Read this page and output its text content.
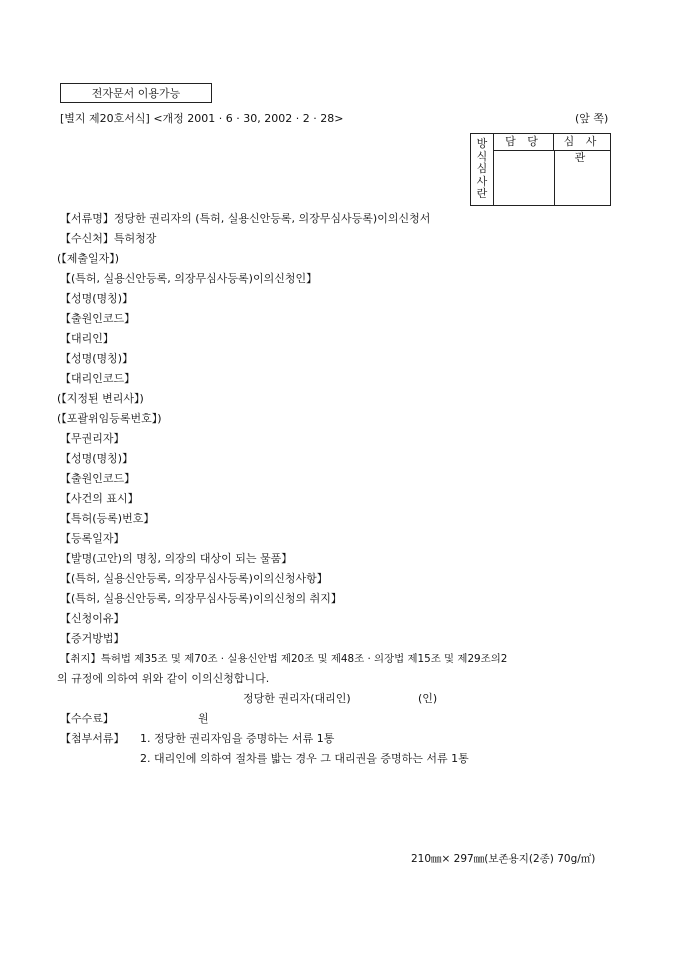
전자문서 이용가능
[별지 제20호서식] <개정 2001 · 6 · 30, 2002 · 2 · 28>	(앞 쪽)
방
식
심
사
란
담 당	심 사 관
【서류명】정당한 권리자의 (특허, 실용신안등록, 의장무심사등록)이의신청서
【수신처】특허청장
(【제출일자】)
【(특허, 실용신안등록, 의장무심사등록)이의신청인】
【성명(명칭)】
【출원인코드】
【대리인】
【성명(명칭)】
【대리인코드】
(【지정된 변리사】)
(【포괄위임등록번호】)
【무권리자】
【성명(명칭)】
【출원인코드】
【사건의 표시】
【특허(등록)번호】
【등록일자】
【발명(고안)의 명칭, 의장의 대상이 되는 물품】
【(특허, 실용신안등록, 의장무심사등록)이의신청사항】
【(특허, 실용신안등록, 의장무심사등록)이의신청의 취지】
【신청이유】
【증거방법】
【취지】특허법 제35조 및 제70조 · 실용신안법 제20조 및 제48조 · 의장법 제15조 및 제29조의2
의 규정에 의하여 위와 같이 이의신청합니다.
정당한 권리자(대리인)	(인)
【수수료】	원
【첨부서류】 1. 정당한 권리자임을 증명하는 서류 1통
2. 대리인에 의하여 절차를 밟는 경우 그 대리권을 증명하는 서류 1통
210㎜× 297㎜(보존용지(2종) 70g/㎡)
